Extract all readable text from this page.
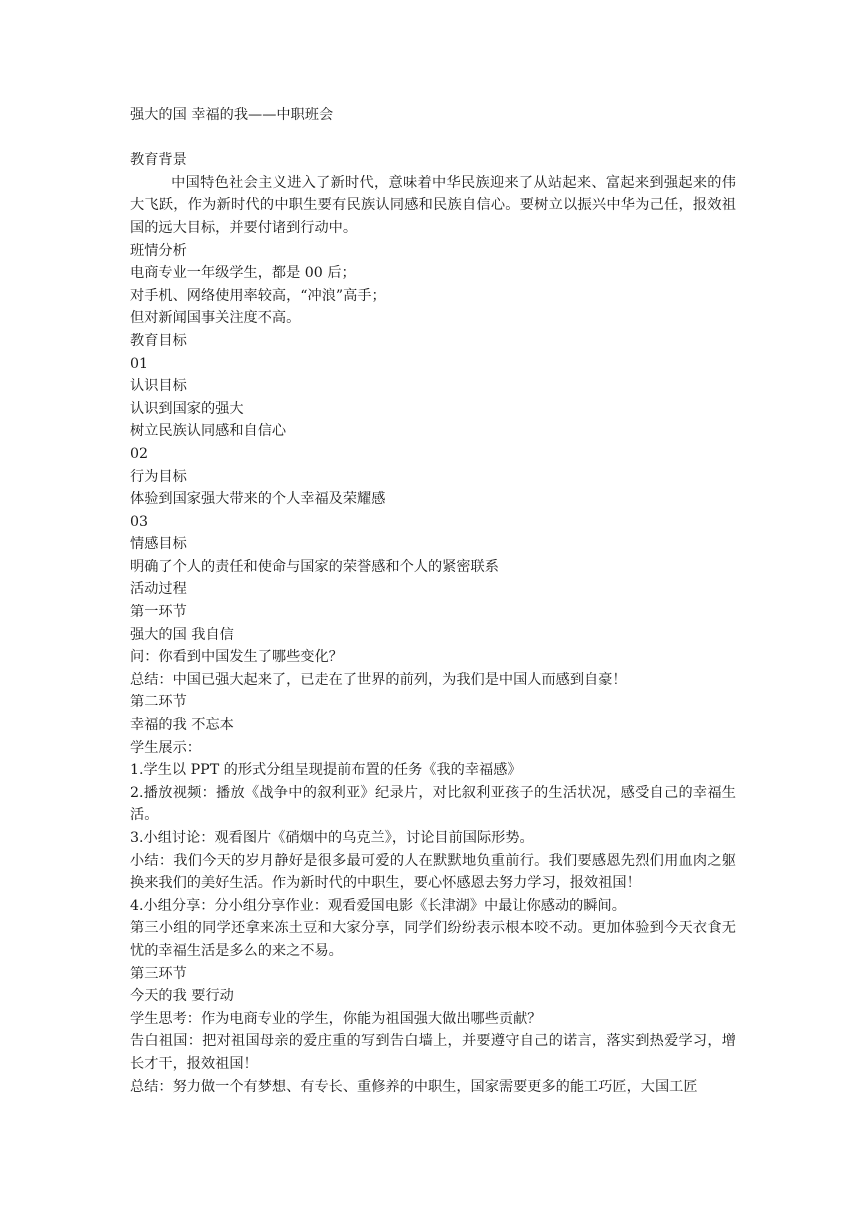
强大的国 幸福的我——中职班会
教育背景
中国特色社会主义进入了新时代，意味着中华民族迎来了从站起来、富起来到强起来的伟大飞跃，作为新时代的中职生要有民族认同感和民族自信心。要树立以振兴中华为己任，报效祖国的远大目标，并要付诸到行动中。
班情分析
电商专业一年级学生，都是 00 后；
对手机、网络使用率较高，“冲浪”高手；
但对新闻国事关注度不高。
教育目标
01
认识目标
认识到国家的强大
树立民族认同感和自信心
02
行为目标
体验到国家强大带来的个人幸福及荣耀感
03
情感目标
明确了个人的责任和使命与国家的荣誉感和个人的紧密联系
活动过程
第一环节
强大的国 我自信
问：你看到中国发生了哪些变化？
总结：中国已强大起来了，已走在了世界的前列，为我们是中国人而感到自豪！
第二环节
幸福的我 不忘本
学生展示：
1.学生以 PPT 的形式分组呈现提前布置的任务《我的幸福感》
2.播放视频：播放《战争中的叙利亚》纪录片，对比叙利亚孩子的生活状况，感受自己的幸福生活。
3.小组讨论：观看图片《硝烟中的乌克兰》，讨论目前国际形势。
小结：我们今天的岁月静好是很多最可爱的人在默默地负重前行。我们要感恩先烈们用血肉之躯换来我们的美好生活。作为新时代的中职生，要心怀感恩去努力学习，报效祖国！
4.小组分享：分小组分享作业：观看爱国电影《长津湖》中最让你感动的瞬间。
第三小组的同学还拿来冻土豆和大家分享，同学们纷纷表示根本咬不动。更加体验到今天衣食无忧的幸福生活是多么的来之不易。
第三环节
今天的我 要行动
学生思考：作为电商专业的学生，你能为祖国强大做出哪些贡献？
告白祖国：把对祖国母亲的爱庄重的写到告白墙上，并要遵守自己的诺言，落实到热爱学习，增长才干，报效祖国！
总结：努力做一个有梦想、有专长、重修养的中职生，国家需要更多的能工巧匠，大国工匠
